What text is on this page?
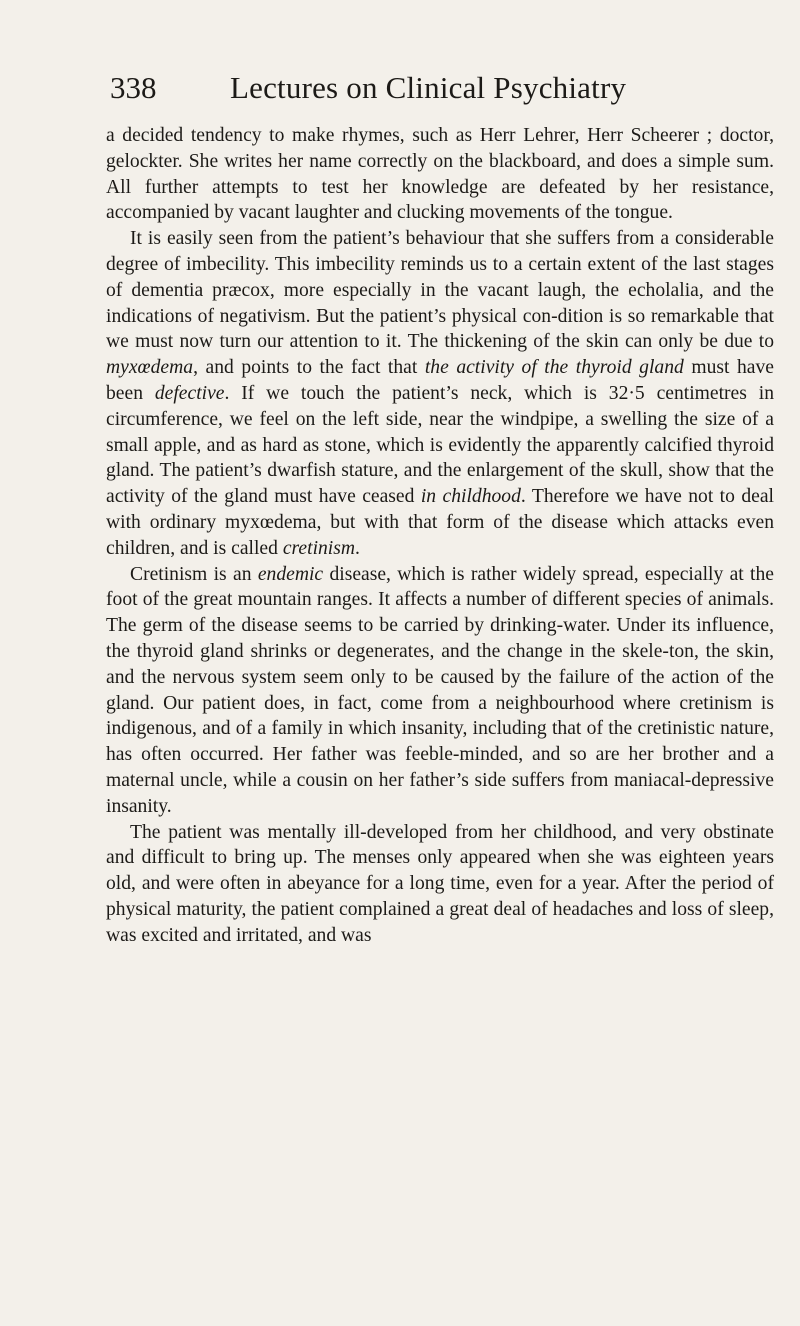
338 Lectures on Clinical Psychiatry

a decided tendency to make rhymes, such as Herr Lehrer, Herr Scheerer ; doctor, gelockter. She writes her name correctly on the blackboard, and does a simple sum. All further attempts to test her knowledge are defeated by her resistance, accompanied by vacant laughter and clucking movements of the tongue.

It is easily seen from the patient’s behaviour that she suffers from a considerable degree of imbecility. This imbecility reminds us to a certain extent of the last stages of dementia præcox, more especially in the vacant laugh, the echolalia, and the indications of negativism. But the patient’s physical con-dition is so remarkable that we must now turn our attention to it. The thickening of the skin can only be due to myxœdema, and points to the fact that the activity of the thyroid gland must have been defective. If we touch the patient’s neck, which is 32·5 centimetres in circumference, we feel on the left side, near the windpipe, a swelling the size of a small apple, and as hard as stone, which is evidently the apparently calcified thyroid gland. The patient’s dwarfish stature, and the enlargement of the skull, show that the activity of the gland must have ceased in childhood. Therefore we have not to deal with ordinary myxœdema, but with that form of the disease which attacks even children, and is called cretinism.

Cretinism is an endemic disease, which is rather widely spread, especially at the foot of the great mountain ranges. It affects a number of different species of animals. The germ of the disease seems to be carried by drinking-water. Under its influence, the thyroid gland shrinks or degenerates, and the change in the skele-ton, the skin, and the nervous system seem only to be caused by the failure of the action of the gland. Our patient does, in fact, come from a neighbourhood where cretinism is indigenous, and of a family in which insanity, including that of the cretinistic nature, has often occurred. Her father was feeble-minded, and so are her brother and a maternal uncle, while a cousin on her father’s side suffers from maniacal-depressive insanity.

The patient was mentally ill-developed from her childhood, and very obstinate and difficult to bring up. The menses only appeared when she was eighteen years old, and were often in abeyance for a long time, even for a year. After the period of physical maturity, the patient complained a great deal of headaches and loss of sleep, was excited and irritated, and was
